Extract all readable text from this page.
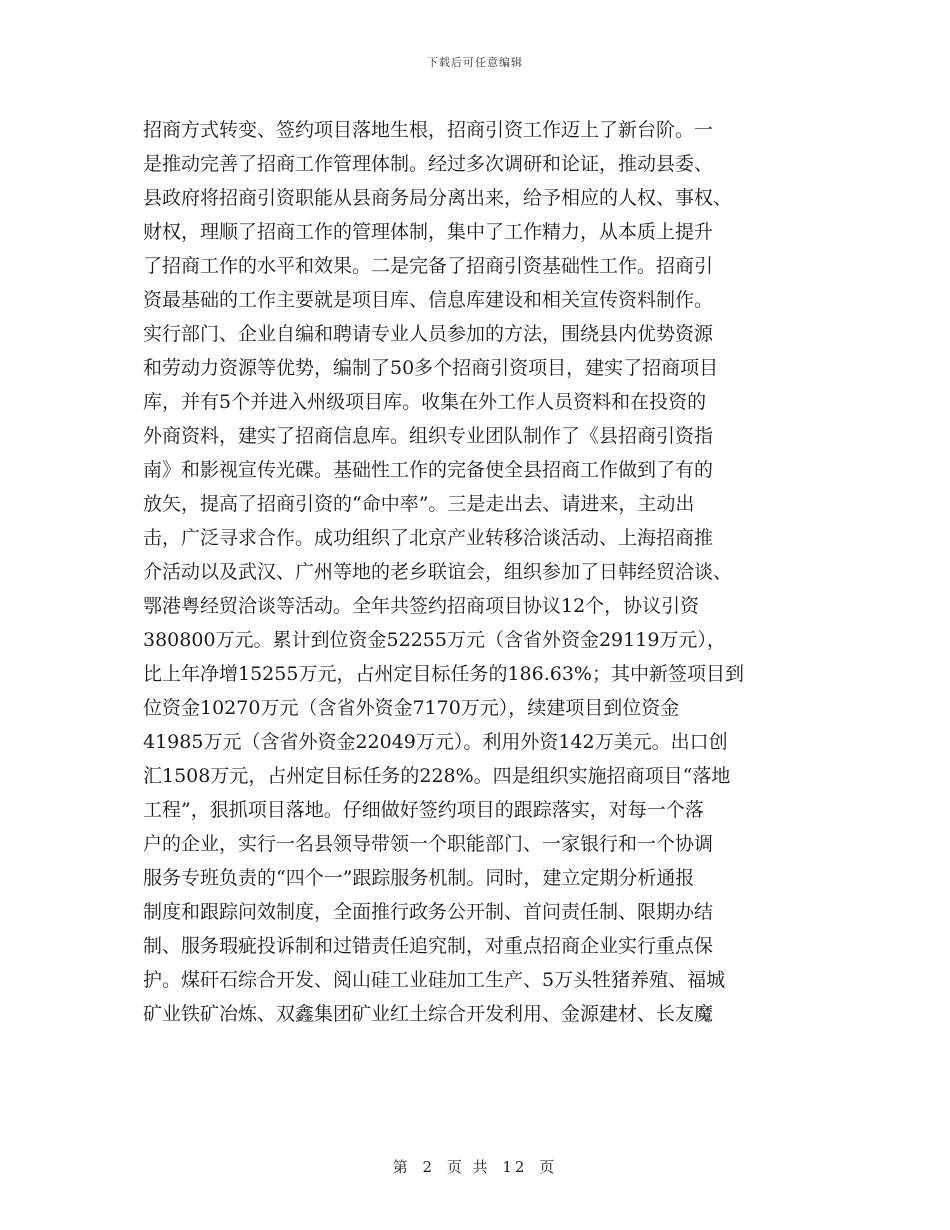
下载后可任意编辑
招商方式转变、签约项目落地生根，招商引资工作迈上了新台阶。一
是推动完善了招商工作管理体制。经过多次调研和论证，推动县委、
县政府将招商引资职能从县商务局分离出来，给予相应的人权、事权、
财权，理顺了招商工作的管理体制，集中了工作精力，从本质上提升
了招商工作的水平和效果。二是完备了招商引资基础性工作。招商引
资最基础的工作主要就是项目库、信息库建设和相关宣传资料制作。
实行部门、企业自编和聘请专业人员参加的方法，围绕县内优势资源
和劳动力资源等优势，编制了50多个招商引资项目，建实了招商项目
库，并有5个并进入州级项目库。收集在外工作人员资料和在投资的
外商资料，建实了招商信息库。组织专业团队制作了《县招商引资指
南》和影视宣传光碟。基础性工作的完备使全县招商工作做到了有的
放矢，提高了招商引资的“命中率”。三是走出去、请进来，主动出
击，广泛寻求合作。成功组织了北京产业转移洽谈活动、上海招商推
介活动以及武汉、广州等地的老乡联谊会，组织参加了日韩经贸洽谈、
鄂港粤经贸洽谈等活动。全年共签约招商项目协议12个，协议引资
380800万元。累计到位资金52255万元（含省外资金29119万元），
比上年净增15255万元，占州定目标任务的186.63%；其中新签项目到
位资金10270万元（含省外资金7170万元），续建项目到位资金
41985万元（含省外资金22049万元）。利用外资142万美元。出口创
汇1508万元，占州定目标任务的228%。四是组织实施招商项目“落地
工程”，狠抓项目落地。仔细做好签约项目的跟踪落实，对每一个落
户的企业，实行一名县领导带领一个职能部门、一家银行和一个协调
服务专班负责的“四个一”跟踪服务机制。同时，建立定期分析通报
制度和跟踪问效制度，全面推行政务公开制、首问责任制、限期办结
制、服务瑕疵投诉制和过错责任追究制，对重点招商企业实行重点保
护。煤矸石综合开发、阅山硅工业硅加工生产、5万头牲猪养殖、福城
矿业铁矿冶炼、双鑫集团矿业红土综合开发利用、金源建材、长友魔
第 2 页 共 12 页
